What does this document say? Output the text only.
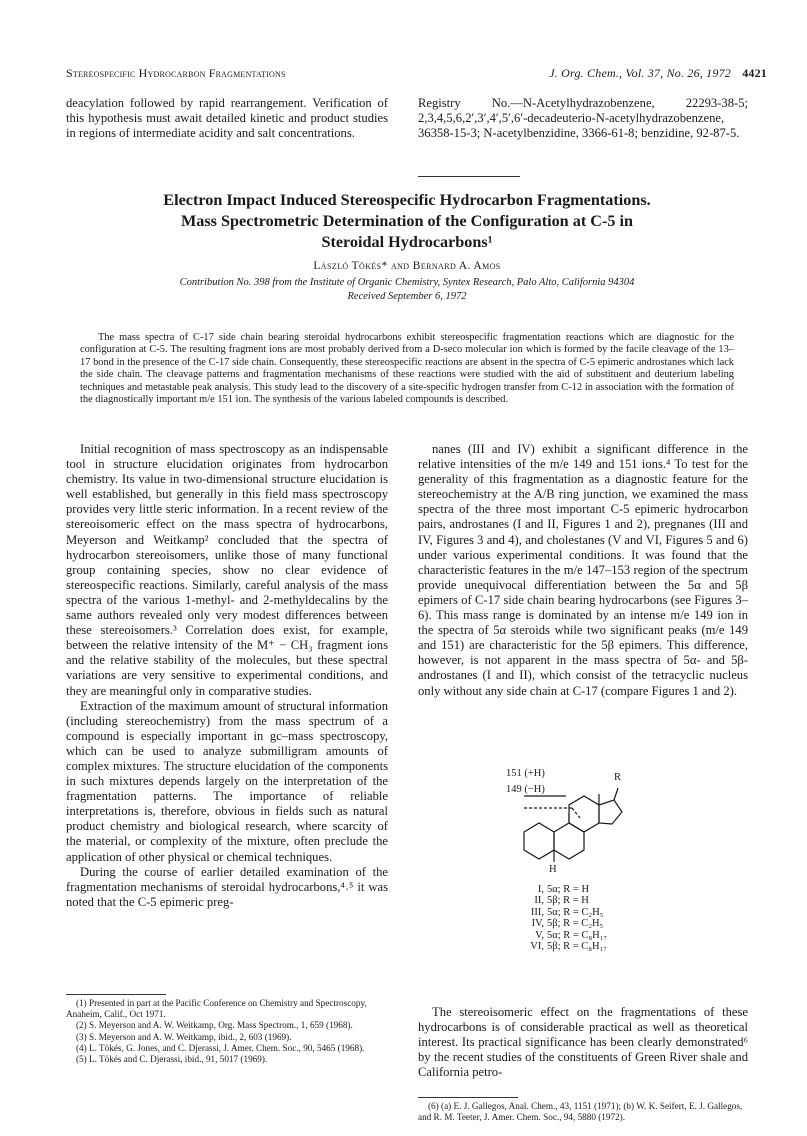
Stereospecific Hydrocarbon Fragmentations	J. Org. Chem., Vol. 37, No. 26, 1972 4421
deacylation followed by rapid rearrangement. Verification of this hypothesis must await detailed kinetic and product studies in regions of intermediate acidity and salt concentrations.
Registry No.—N-Acetylhydrazobenzene, 22293-38-5; 2,3,4,5,6,2′,3′,4′,5′,6′-decadeuterio-N-acetylhydrazobenzene, 36358-15-3; N-acetylbenzidine, 3366-61-8; benzidine, 92-87-5.
Electron Impact Induced Stereospecific Hydrocarbon Fragmentations.
Mass Spectrometric Determination of the Configuration at C-5 in
Steroidal Hydrocarbons¹
László Tökés* and Bernard A. Amos
Contribution No. 398 from the Institute of Organic Chemistry, Syntex Research, Palo Alto, California 94304
Received September 6, 1972
The mass spectra of C-17 side chain bearing steroidal hydrocarbons exhibit stereospecific fragmentation reactions which are diagnostic for the configuration at C-5. The resulting fragment ions are most probably derived from a D-seco molecular ion which is formed by the facile cleavage of the 13–17 bond in the presence of the C-17 side chain. Consequently, these stereospecific reactions are absent in the spectra of C-5 epimeric androstanes which lack the side chain. The cleavage patterns and fragmentation mechanisms of these reactions were studied with the aid of substituent and deuterium labeling techniques and metastable peak analysis. This study lead to the discovery of a site-specific hydrogen transfer from C-12 in association with the formation of the diagnostically important m/e 151 ion. The synthesis of the various labeled compounds is described.

Initial recognition of mass spectroscopy as an indispensable tool in structure elucidation originates from hydrocarbon chemistry. Its value in two-dimensional structure elucidation is well established, but generally in this field mass spectroscopy provides very little steric information. In a recent review of the stereoisomeric effect on the mass spectra of hydrocarbons, Meyerson and Weitkamp² concluded that the spectra of hydrocarbon stereoisomers, unlike those of many functional group containing species, show no clear evidence of stereospecific reactions. Similarly, careful analysis of the mass spectra of the various 1-methyl- and 2-methyldecalins by the same authors revealed only very modest differences between these stereoisomers.³ Correlation does exist, for example, between the relative intensity of the M⁺ − CH₃ fragment ions and the relative stability of the molecules, but these spectral variations are very sensitive to experimental conditions, and they are meaningful only in comparative studies.

Extraction of the maximum amount of structural information (including stereochemistry) from the mass spectrum of a compound is especially important in gc–mass spectroscopy, which can be used to analyze submilligram amounts of complex mixtures. The structure elucidation of the components in such mixtures depends largely on the interpretation of the fragmentation patterns. The importance of reliable interpretations is, therefore, obvious in fields such as natural product chemistry and biological research, where scarcity of the material, or complexity of the mixture, often preclude the application of other physical or chemical techniques.

During the course of earlier detailed examination of the fragmentation mechanisms of steroidal hydrocarbons,⁴˒⁵ it was noted that the C-5 epimeric preg-

nanes (III and IV) exhibit a significant difference in the relative intensities of the m/e 149 and 151 ions.⁴ To test for the generality of this fragmentation as a diagnostic feature for the stereochemistry at the A/B ring junction, we examined the mass spectra of the three most important C-5 epimeric hydrocarbon pairs, androstanes (I and II, Figures 1 and 2), pregnanes (III and IV, Figures 3 and 4), and cholestanes (V and VI, Figures 5 and 6) under various experimental conditions. It was found that the characteristic features in the m/e 147–153 region of the spectrum provide unequivocal differentiation between the 5α and 5β epimers of C-17 side chain bearing hydrocarbons (see Figures 3–6). This mass range is dominated by an intense m/e 149 ion in the spectra of 5α steroids while two significant peaks (m/e 149 and 151) are characteristic for the 5β epimers. This difference, however, is not apparent in the mass spectra of 5α- and 5β-androstanes (I and II), which consist of the tetracyclic nucleus only without any side chain at C-17 (compare Figures 1 and 2).

151 (+H)
149 (−H)
R
H
I, 5α; R = H
II, 5β; R = H
III, 5α; R = C₂H₅
IV, 5β; R = C₂H₅
V, 5α; R = C₈H₁₇
VI, 5β; R = C₈H₁₇

The stereoisomeric effect on the fragmentations of these hydrocarbons is of considerable practical as well as theoretical interest. Its practical significance has been clearly demonstrated⁶ by the recent studies of the constituents of Green River shale and California petro-

(1) Presented in part at the Pacific Conference on Chemistry and Spectroscopy, Anaheim, Calif., Oct 1971.
(2) S. Meyerson and A. W. Weitkamp, Org. Mass Spectrom., 1, 659 (1968).
(3) S. Meyerson and A. W. Weitkamp, ibid., 2, 603 (1969).
(4) L. Tökés, G. Jones, and C. Djerassi, J. Amer. Chem. Soc., 90, 5465 (1968).
(5) L. Tökés and C. Djerassi, ibid., 91, 5017 (1969).
(6) (a) E. J. Gallegos, Anal. Chem., 43, 1151 (1971); (b) W. K. Seifert, E. J. Gallegos, and R. M. Teeter, J. Amer. Chem. Soc., 94, 5880 (1972).
